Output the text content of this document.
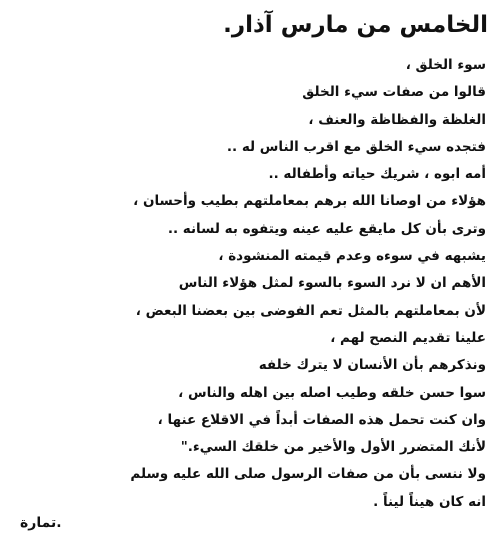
الخامس من مارس آذار.
سوء الخلق ،
قالوا من صفات سيء الخلق
الغلظة والفظاظة والعنف ،
فتجده سيء الخلق مع اقرب الناس له ..
أمه ابوه ، شريك حياته وأطفاله ..
هؤلاء من اوصانا الله برهم بمعاملتهم بطيب وأحسان ،
وترى بأن كل مايقع عليه عينه ويتفوه به لسانه ..
يشبهه في سوءه وعدم قيمته المنشودة ،
الأهم ان لا نرد السوء بالسوء لمثل هؤلاء الناس
لأن بمعاملتهم بالمثل تعم الفوضى بين بعضنا البعض ،
علينا تقديم النصح لهم ،
ونذكرهم بأن الأنسان لا يترك خلفه
سوا حسن خلقه وطيب اصله بين اهله والناس ،
وان كنت تحمل هذه الصفات أبداً في الاقلاع عنها ،
لأنك المتضرر الأول والأخير من خلقك السيء."
ولا ننسى بأن من صفات الرسول صلى الله عليه وسلم
انه كان هيناً ليناً .
.تمارة
